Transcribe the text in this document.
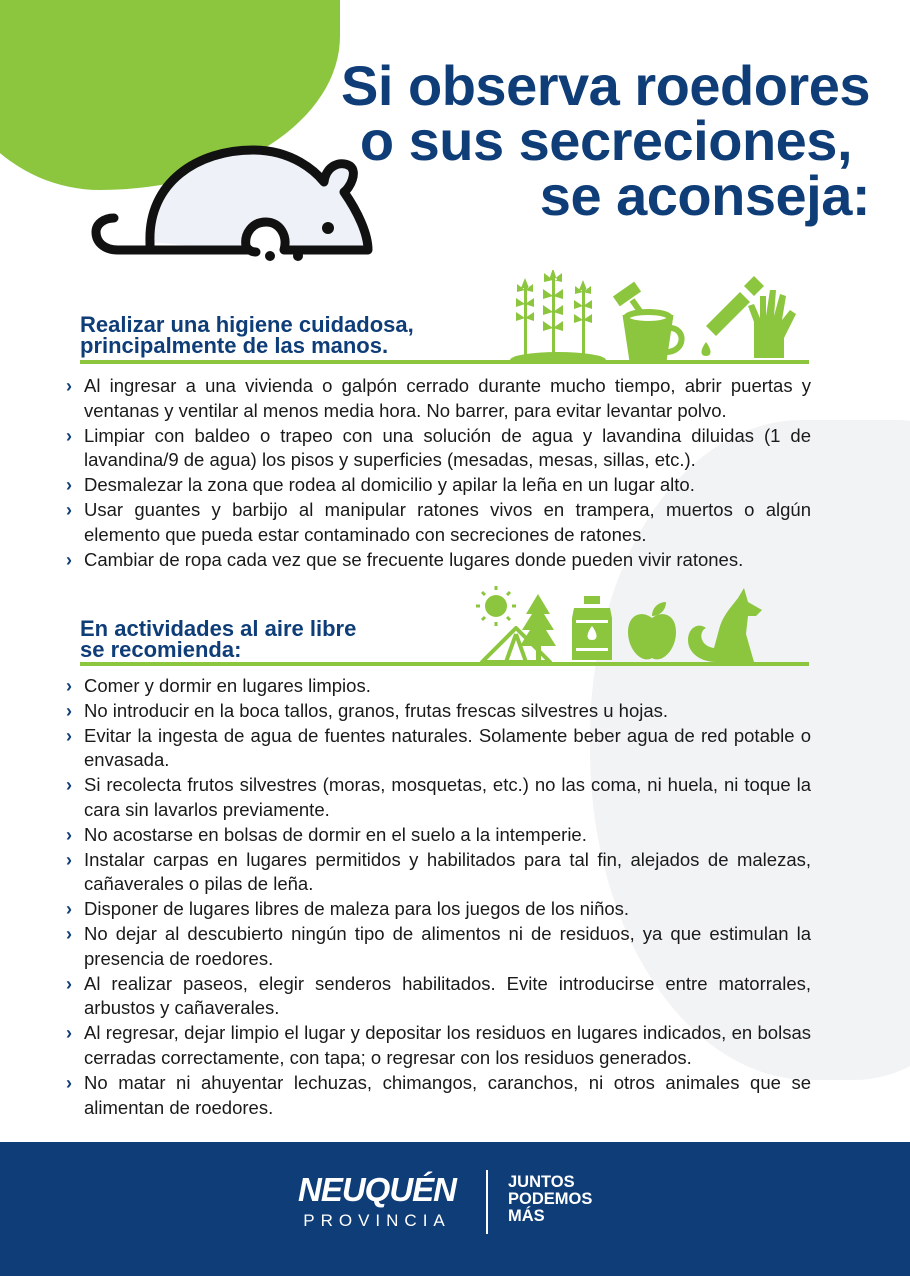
Si observa roedores
o sus secreciones,
se aconseja:
Realizar una higiene cuidadosa,
principalmente de las manos.
› Al ingresar a una vivienda o galpón cerrado durante mucho tiempo, abrir puertas y ventanas y ventilar al menos media hora. No barrer, para evitar levantar polvo.
› Limpiar con baldeo o trapeo con una solución de agua y lavandina diluidas (1 de lavandina/9 de agua) los pisos y superficies (mesadas, mesas, sillas, etc.).
› Desmalezar la zona que rodea al domicilio y apilar la leña en un lugar alto.
› Usar guantes y barbijo al manipular ratones vivos en trampera, muertos o algún elemento que pueda estar contaminado con secreciones de ratones.
› Cambiar de ropa cada vez que se frecuente lugares donde pueden vivir ratones.
En actividades al aire libre
se recomienda:
› Comer y dormir en lugares limpios.
› No introducir en la boca tallos, granos, frutas frescas silvestres u hojas.
› Evitar la ingesta de agua de fuentes naturales. Solamente beber agua de red potable o envasada.
› Si recolecta frutos silvestres (moras, mosquetas, etc.) no las coma, ni huela, ni toque la cara sin lavarlos previamente.
› No acostarse en bolsas de dormir en el suelo a la intemperie.
› Instalar carpas en lugares permitidos y habilitados para tal fin, alejados de malezas, cañaverales o pilas de leña.
› Disponer de lugares libres de maleza para los juegos de los niños.
› No dejar al descubierto ningún tipo de alimentos ni de residuos, ya que estimulan la presencia de roedores.
› Al realizar paseos, elegir senderos habilitados. Evite introducirse entre matorrales, arbustos y cañaverales.
› Al regresar, dejar limpio el lugar y depositar los residuos en lugares indicados, en bolsas cerradas correctamente, con tapa; o regresar con los residuos generados.
› No matar ni ahuyentar lechuzas, chimangos, caranchos, ni otros animales que se alimentan de roedores.
NEUQUÉN
PROVINCIA
JUNTOS
PODEMOS
MÁS
